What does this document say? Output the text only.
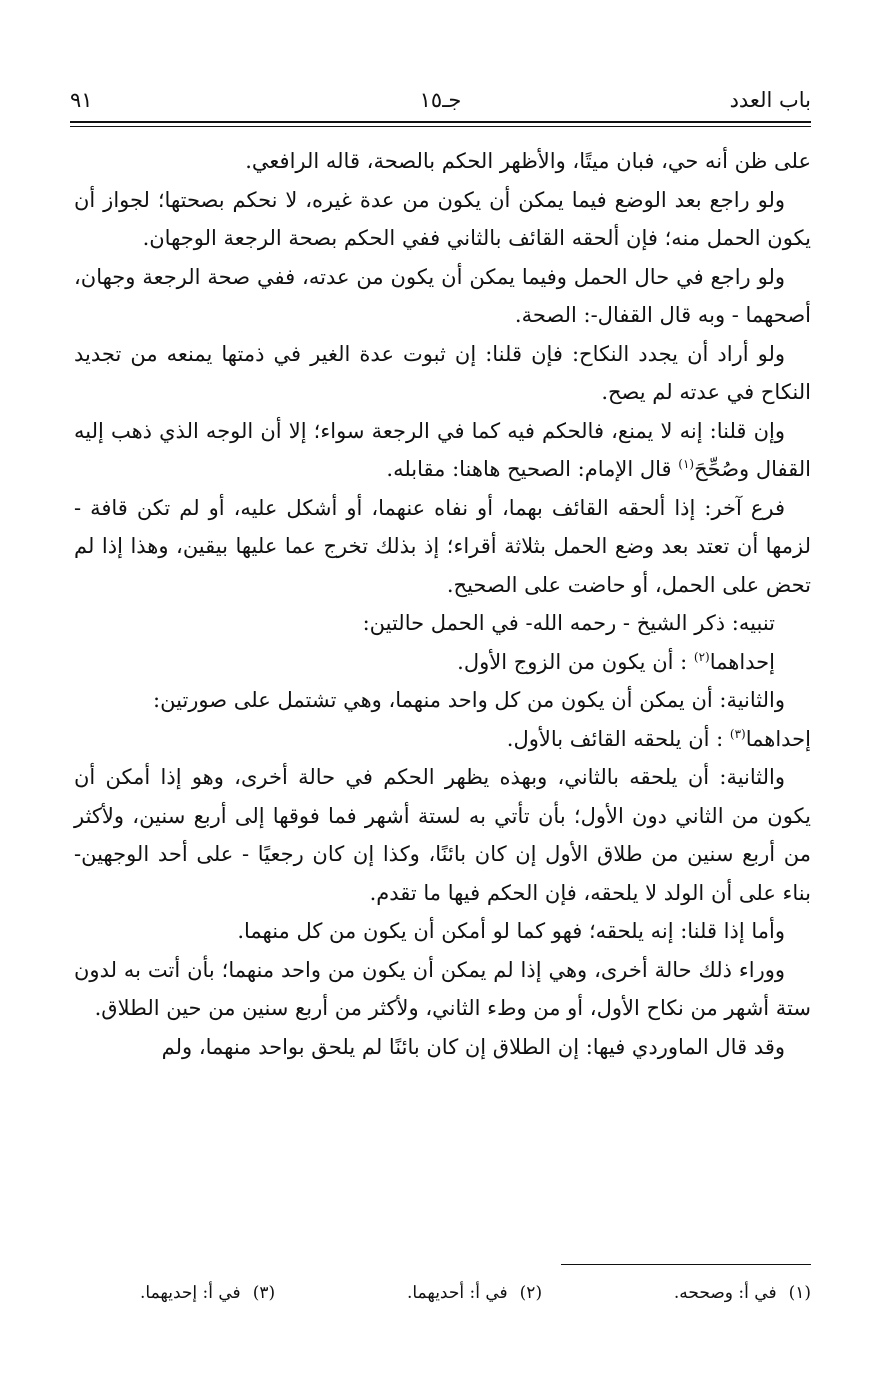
باب العدد
جـ١٥
٩١

على ظن أنه حي، فبان ميتًا، والأظهر الحكم بالصحة، قاله الرافعي.

ولو راجع بعد الوضع فيما يمكن أن يكون من عدة غيره، لا نحكم بصحتها؛ لجواز أن يكون الحمل منه؛ فإن ألحقه القائف بالثاني ففي الحكم بصحة الرجعة الوجهان.

ولو راجع في حال الحمل وفيما يمكن أن يكون من عدته، ففي صحة الرجعة وجهان، أصحهما - وبه قال القفال-: الصحة.

ولو أراد أن يجدد النكاح: فإن قلنا: إن ثبوت عدة الغير في ذمتها يمنعه من تجديد النكاح في عدته لم يصح.

وإن قلنا: إنه لا يمنع، فالحكم فيه كما في الرجعة سواء؛ إلا أن الوجه الذي ذهب إليه القفال وصُحِّحَ$^{(١)}$ قال الإمام: الصحيح هاهنا: مقابله.

فرع آخر: إذا ألحقه القائف بهما، أو نفاه عنهما، أو أشكل عليه، أو لم تكن قافة - لزمها أن تعتد بعد وضع الحمل بثلاثة أقراء؛ إذ بذلك تخرج عما عليها بيقين، وهذا إذا لم تحض على الحمل، أو حاضت على الصحيح.

تنبيه: ذكر الشيخ - رحمه الله- في الحمل حالتين:

إحداهما$^{(٢)}$ : أن يكون من الزوج الأول.

والثانية: أن يمكن أن يكون من كل واحد منهما، وهي تشتمل على صورتين:

إحداهما$^{(٣)}$ : أن يلحقه القائف بالأول.

والثانية: أن يلحقه بالثاني، وبهذه يظهر الحكم في حالة أخرى، وهو إذا أمكن أن يكون من الثاني دون الأول؛ بأن تأتي به لستة أشهر فما فوقها إلى أربع سنين، ولأكثر من أربع سنين من طلاق الأول إن كان بائنًا، وكذا إن كان رجعيًا - على أحد الوجهين- بناء على أن الولد لا يلحقه، فإن الحكم فيها ما تقدم.

وأما إذا قلنا: إنه يلحقه؛ فهو كما لو أمكن أن يكون من كل منهما.

ووراء ذلك حالة أخرى، وهي إذا لم يمكن أن يكون من واحد منهما؛ بأن أتت به لدون ستة أشهر من نكاح الأول، أو من وطء الثاني، ولأكثر من أربع سنين من حين الطلاق.

وقد قال الماوردي فيها: إن الطلاق إن كان بائنًا لم يلحق بواحد منهما، ولم

(١)في أ: وصححه.
(٢)في أ: أحديهما.
(٣)في أ: إحديهما.
